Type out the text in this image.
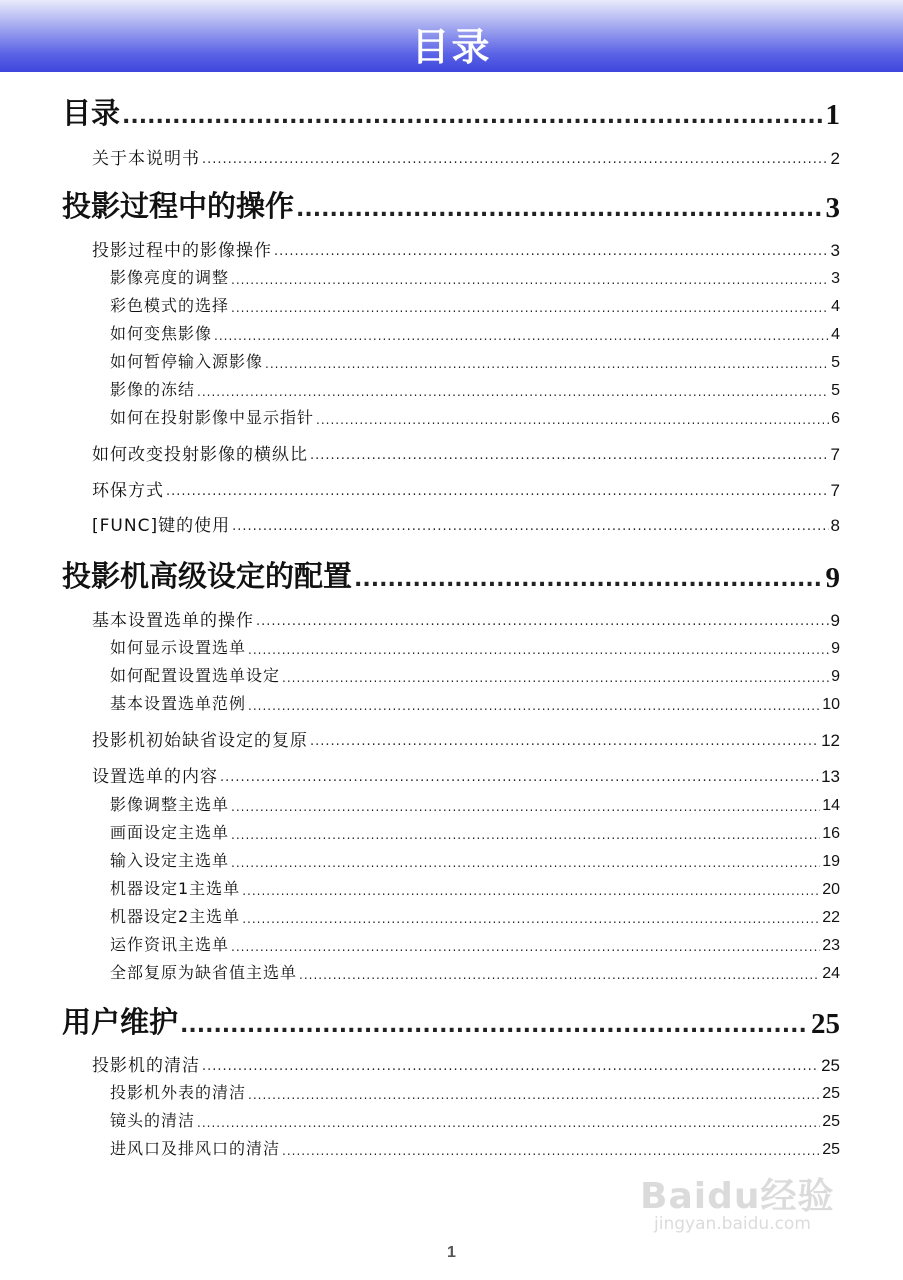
目录
目录 .....	1
关于本说明书 .....	2
投影过程中的操作 .....	3
投影过程中的影像操作 .....	3
影像亮度的调整 .....	3
彩色模式的选择 .....	4
如何变焦影像 .....	4
如何暂停输入源影像 .....	5
影像的冻结 .....	5
如何在投射影像中显示指针 .....	6
如何改变投射影像的横纵比 .....	7
环保方式 .....	7
[FUNC]键的使用 .....	8
投影机高级设定的配置 .....	9
基本设置选单的操作 .....	9
如何显示设置选单 .....	9
如何配置设置选单设定 .....	9
基本设置选单范例 .....	10
投影机初始缺省设定的复原 .....	12
设置选单的内容 .....	13
影像调整主选单 .....	14
画面设定主选单 .....	16
输入设定主选单 .....	19
机器设定1主选单 .....	20
机器设定2主选单 .....	22
运作资讯主选单 .....	23
全部复原为缺省值主选单 .....	24
用户维护 .....	25
投影机的清洁 .....	25
投影机外表的清洁 .....	25
镜头的清洁 .....	25
进风口及排风口的清洁 .....	25
Baidu经验
jingyan.baidu.com
1
